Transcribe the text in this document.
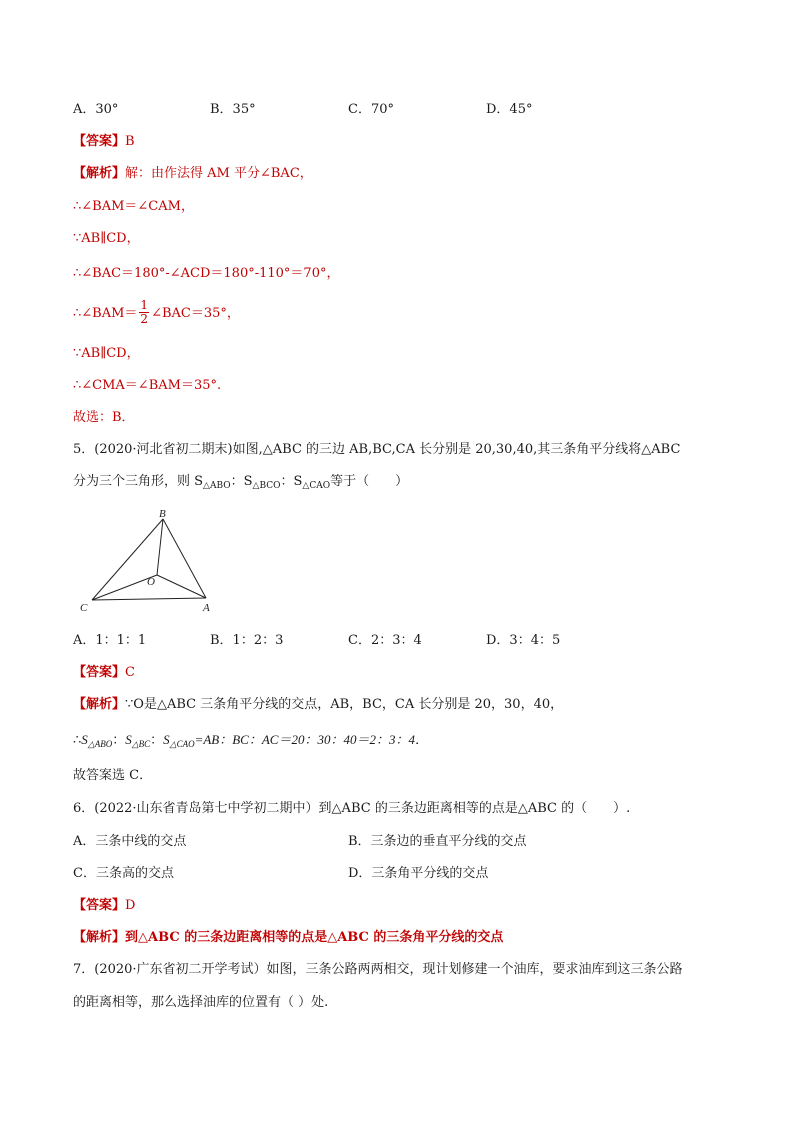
A．30°	B．35°	C．70°	D．45°
【答案】B
【解析】解：由作法得 AM 平分∠BAC，
∴∠BAM＝∠CAM，
∵AB∥CD，
∴∠BAC＝180°-∠ACD＝180°-110°＝70°，
∴∠BAM＝ $\frac{1}{2}$ ∠BAC＝35°，
∵AB∥CD，
∴∠CMA＝∠BAM＝35°.
故选：B．
5．(2020·河北省初二期末)如图,△ABC 的三边 AB,BC,CA 长分别是 20,30,40,其三条角平分线将△ABC
分为三个三角形，则 $S_{\triangle ABO}$：$S_{\triangle BCO}$：$S_{\triangle CAO}$等于（　　）
B
C	A
O
A．1：1：1	B．1：2：3	C．2：3：4	D．3：4：5
【答案】C
【解析】∵O是△ABC 三条角平分线的交点，AB，BC，CA 长分别是 20，30，40，
$\therefore S_{\triangle ABO}$：$S_{\triangle BC}$：$S_{\triangle CAO}=AB$：BC：AC＝20：30：40＝2：3：4．
故答案选 C．
6．(2022·山东省青岛第七中学初二期中）到△ABC 的三条边距离相等的点是△ABC 的（　　）.
A．三条中线的交点	B．三条边的垂直平分线的交点
C．三条高的交点	D．三条角平分线的交点
【答案】D
【解析】到△ABC 的三条边距离相等的点是△ABC 的三条角平分线的交点
7．(2020·广东省初二开学考试）如图，三条公路两两相交，现计划修建一个油库，要求油库到这三条公路
的距离相等，那么选择油库的位置有（ ）处.
